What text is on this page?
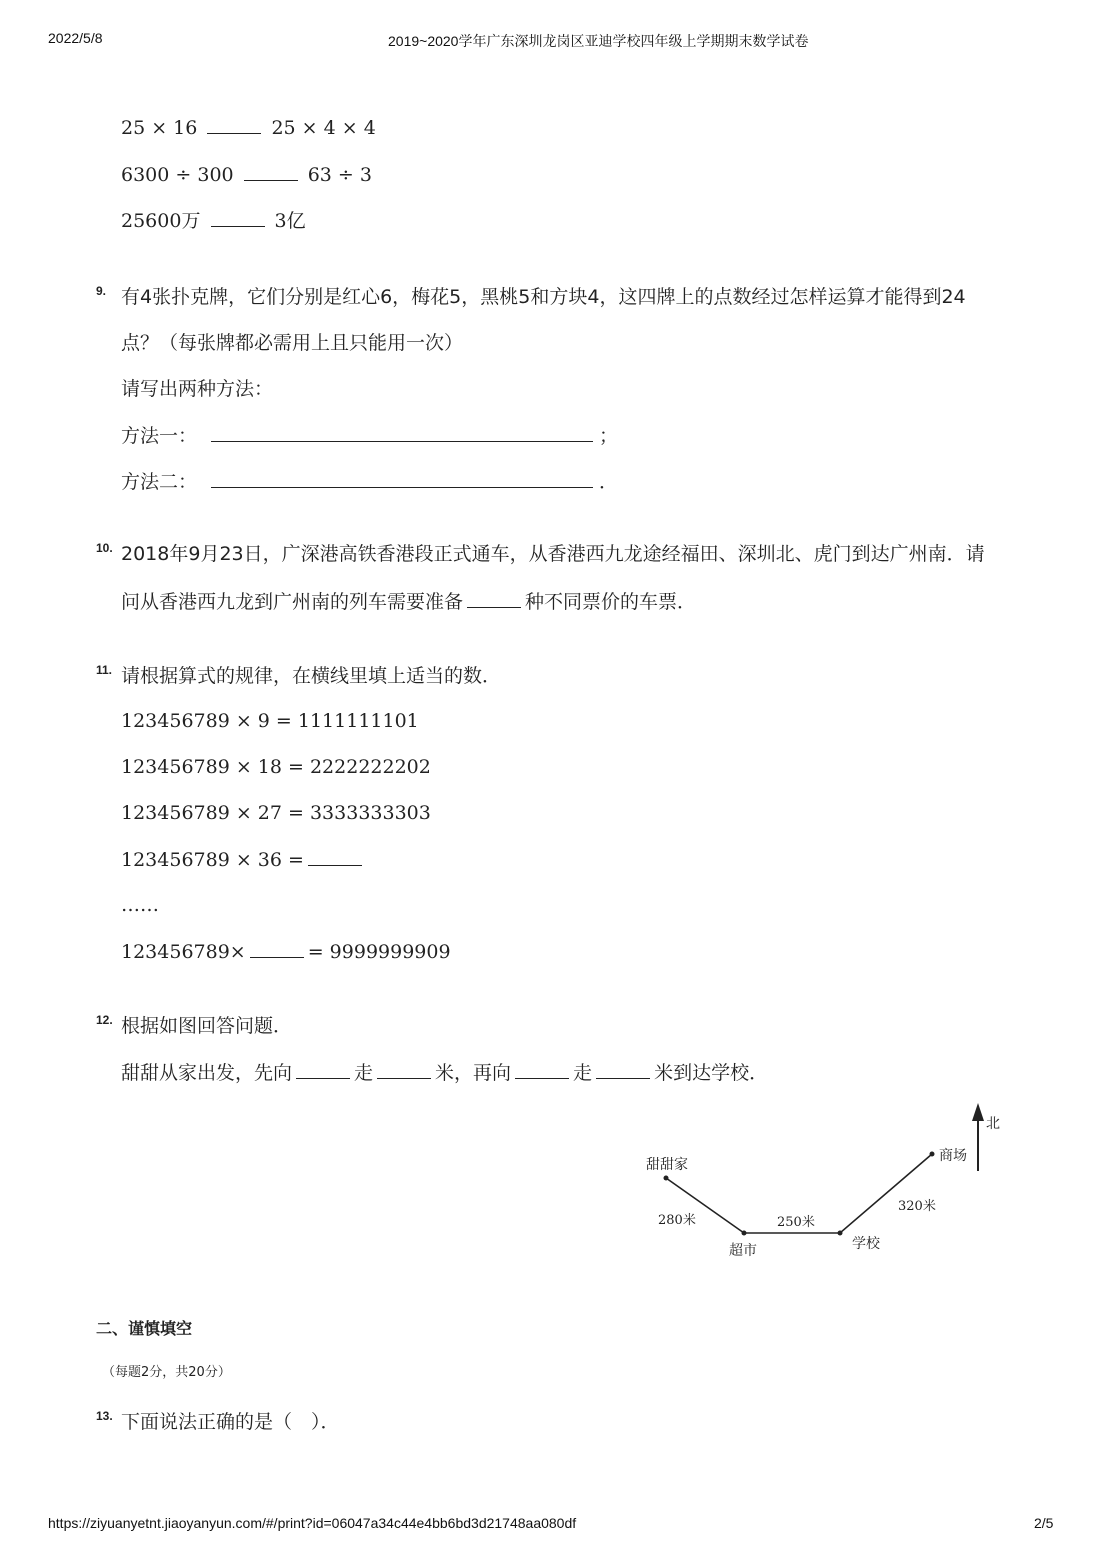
2022/5/8	2019~2020学年广东深圳龙岗区亚迪学校四年级上学期期末数学试卷
25 × 16	25 × 4 × 4
6300 ÷ 300	63 ÷ 3
25600万	3亿
9. 有4张扑克牌，它们分别是红心6，梅花5，黑桃5和方块4，这四牌上的点数经过怎样运算才能得到24
点？（每张牌都必需用上且只能用一次）
请写出两种方法：
方法一：	；
方法二：	．
10. 2018年9月23日，广深港高铁香港段正式通车，从香港西九龙途经福田、深圳北、虎门到达广州南．请
问从香港西九龙到广州南的列车需要准备	种不同票价的车票．
11. 请根据算式的规律，在横线里填上适当的数．
123456789 × 9 = 1111111101
123456789 × 18 = 2222222202
123456789 × 27 = 3333333303
123456789 × 36 =
……
123456789×	= 9999999909
12. 根据如图回答问题．
甜甜从家出发，先向	走	米，再向	走	米到达学校．
甜甜家
超市	学校
商场
280米	250米
320米
北
二、谨慎填空
（每题2分，共20分）
13. 下面说法正确的是（　）．
https://ziyuanyetnt.jiaoyanyun.com/#/print?id=06047a34c44e4bb6bd3d21748aa080df	2/5
